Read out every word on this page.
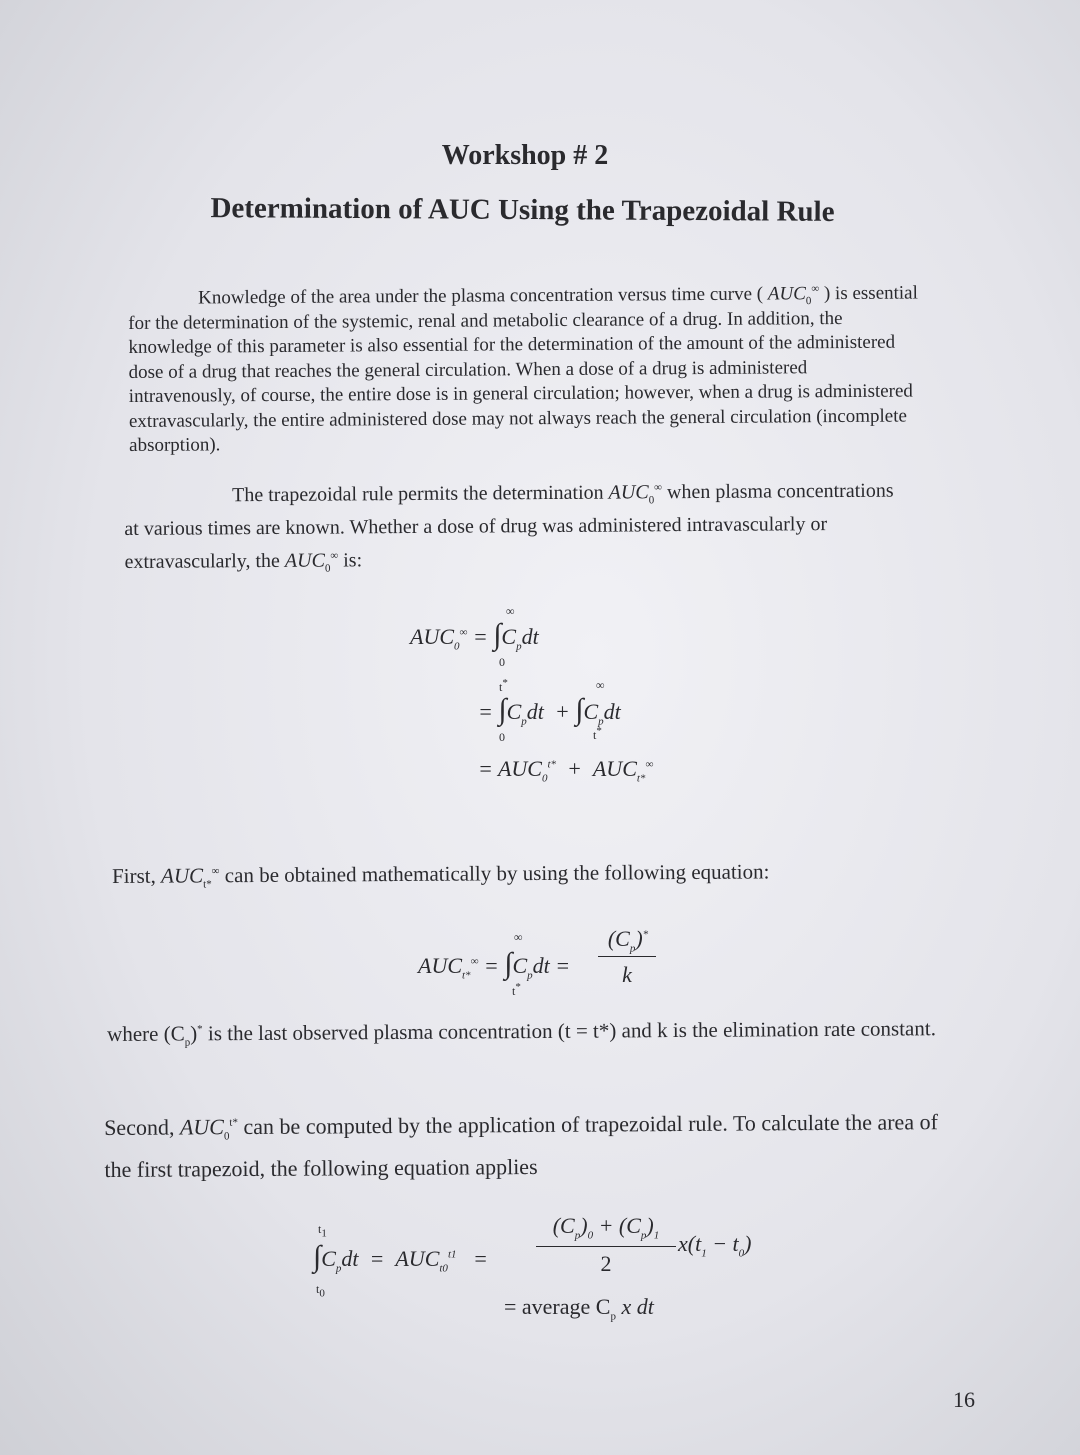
Workshop # 2
Determination of AUC Using the Trapezoidal Rule
Knowledge of the area under the plasma concentration versus time curve ( $AUC_0^\infty$ ) is essential for the determination of the systemic, renal and metabolic clearance of a drug. In addition, the knowledge of this parameter is also essential for the determination of the amount of the administered dose of a drug that reaches the general circulation. When a dose of a drug is administered intravenously, of course, the entire dose is in general circulation; however, when a drug is administered extravascularly, the entire administered dose may not always reach the general circulation (incomplete absorption).
The trapezoidal rule permits the determination $AUC_0^\infty$ when plasma concentrations at various times are known. Whether a dose of drug was administered intravascularly or extravascularly, the $AUC_0^\infty$ is:
$AUC_0^\infty = \int C_pdt$
∞
0
= $\int C_pdt + \int C_pdt$
t*
0
∞
t*
= $AUC_0^{t*} + AUC_{t*}^\infty$
First, $AUC_{t*}^\infty$ can be obtained mathematically by using the following equation:
$AUC_{t*}^\infty = \int C_pdt$ =
∞
t*
$(C_p)^*$
k
where $(C_p)^*$ is the last observed plasma concentration (t = t*) and k is the elimination rate constant.
Second, $AUC_0^{t*}$ can be computed by the application of trapezoidal rule. To calculate the area of the first trapezoid, the following equation applies
$\int C_pdt = AUC_{t0}^{t1}$   =
$t_1$
$t_0$
$(C_p)_0 + (C_p)_1$
2
$x(t_1 - t_0)$
= average $C_p$ x dt
16
